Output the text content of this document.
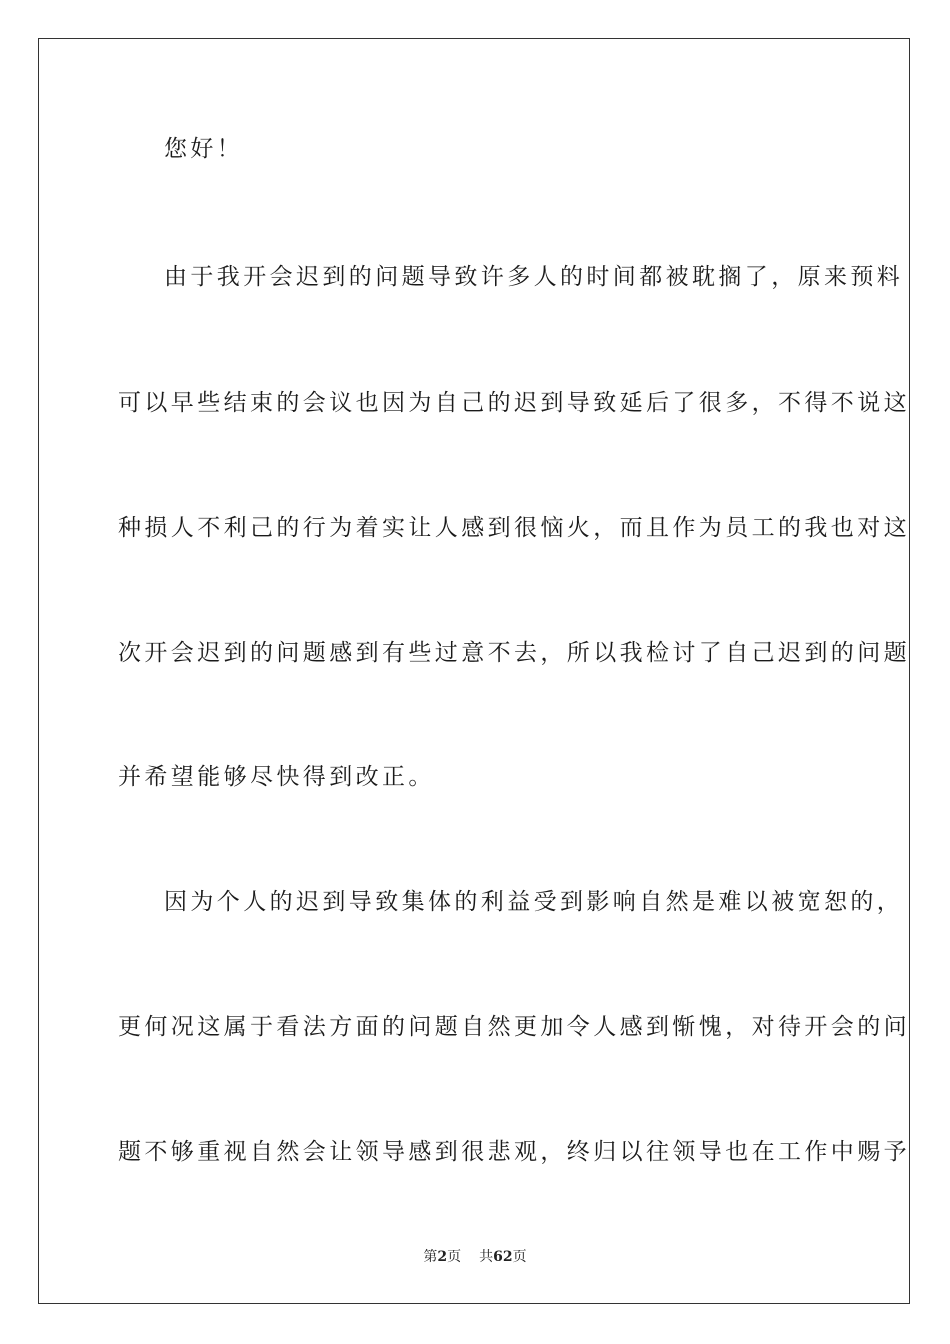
您好！
由于我开会迟到的问题导致许多人的时间都被耽搁了，原来预料
可以早些结束的会议也因为自己的迟到导致延后了很多，不得不说这
种损人不利己的行为着实让人感到很恼火，而且作为员工的我也对这
次开会迟到的问题感到有些过意不去，所以我检讨了自己迟到的问题
并希望能够尽快得到改正。
因为个人的迟到导致集体的利益受到影响自然是难以被宽恕的，
更何况这属于看法方面的问题自然更加令人感到惭愧，对待开会的问
题不够重视自然会让领导感到很悲观，终归以往领导也在工作中赐予
第2页 共62页
